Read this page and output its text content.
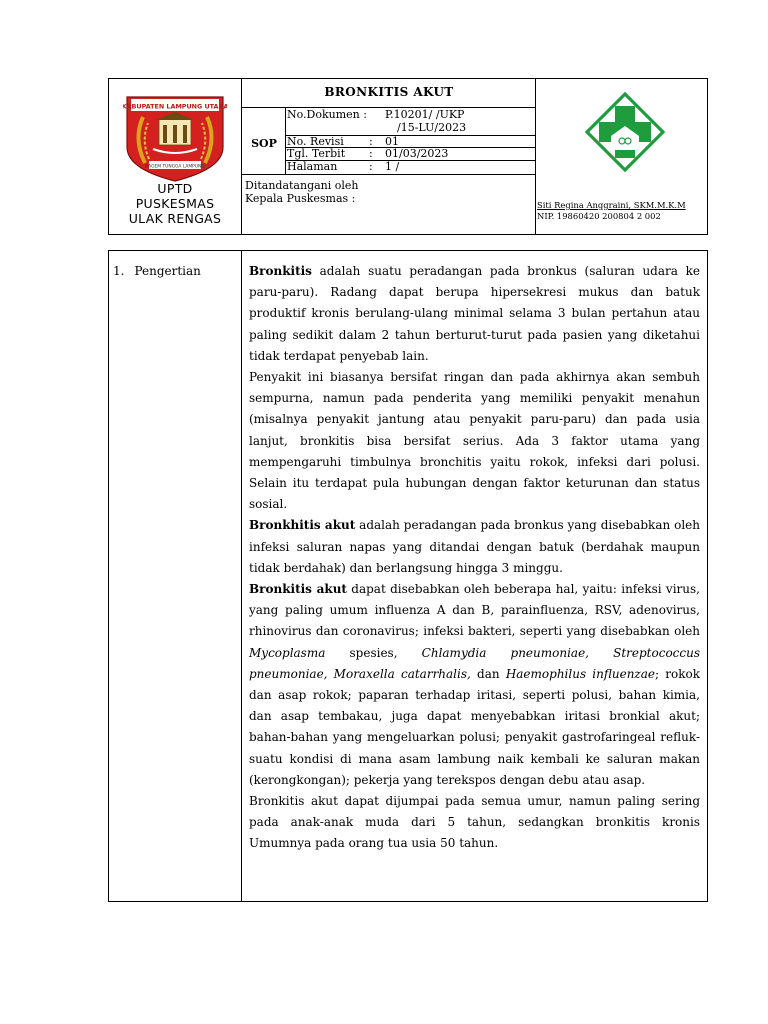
KABUPATEN LAMPUNG UTARA
RAGEM TUNGGA LAMPUNG
UPTD
PUSKESMAS
ULAK RENGAS
BRONKITIS AKUT
SOP
No.Dokumen : P.10201/ /UKP
/15-LU/2023
No. Revisi : 01
Tgl. Terbit : 01/03/2023
Halaman	: 1 /
Ditandatangani oleh
Kepala Puskesmas :	Siti Regina Anggraini, SKM.M.K.M
NIP. 19860420 200804 2 002
1. Pengertian	Bronkitis adalah suatu peradangan pada bronkus (saluran udara ke paru-paru). Radang dapat berupa hipersekresi mukus dan batuk produktif kronis berulang-ulang minimal selama 3 bulan pertahun atau paling sedikit dalam 2 tahun berturut-turut pada pasien yang diketahui tidak terdapat penyebab lain.

Penyakit ini biasanya bersifat ringan dan pada akhirnya akan sembuh sempurna, namun pada penderita yang memiliki penyakit menahun (misalnya penyakit jantung atau penyakit paru-paru) dan pada usia lanjut, bronkitis bisa bersifat serius. Ada 3 faktor utama yang mempengaruhi timbulnya bronchitis yaitu rokok, infeksi dari polusi. Selain itu terdapat pula hubungan dengan faktor keturunan dan status sosial.

Bronkhitis akut adalah peradangan pada bronkus yang disebabkan oleh infeksi saluran napas yang ditandai dengan batuk (berdahak maupun tidak berdahak) dan berlangsung hingga 3 minggu.

Bronkitis akut dapat disebabkan oleh beberapa hal, yaitu: infeksi virus, yang paling umum influenza A dan B, parainfluenza, RSV, adenovirus, rhinovirus dan coronavirus; infeksi bakteri, seperti yang disebabkan oleh Mycoplasma spesies, Chlamydia pneumoniae, Streptococcus pneumoniae, Moraxella catarrhalis, dan Haemophilus influenzae; rokok dan asap rokok; paparan terhadap iritasi, seperti polusi, bahan kimia, dan asap tembakau, juga dapat menyebabkan iritasi bronkial akut; bahan-bahan yang mengeluarkan polusi; penyakit gastrofaringeal refluk-suatu kondisi di mana asam lambung naik kembali ke saluran makan (kerongkongan); pekerja yang terekspos dengan debu atau asap.

Bronkitis akut dapat dijumpai pada semua umur, namun paling sering pada anak-anak muda dari 5 tahun, sedangkan bronkitis kronis Umumnya pada orang tua usia 50 tahun.
